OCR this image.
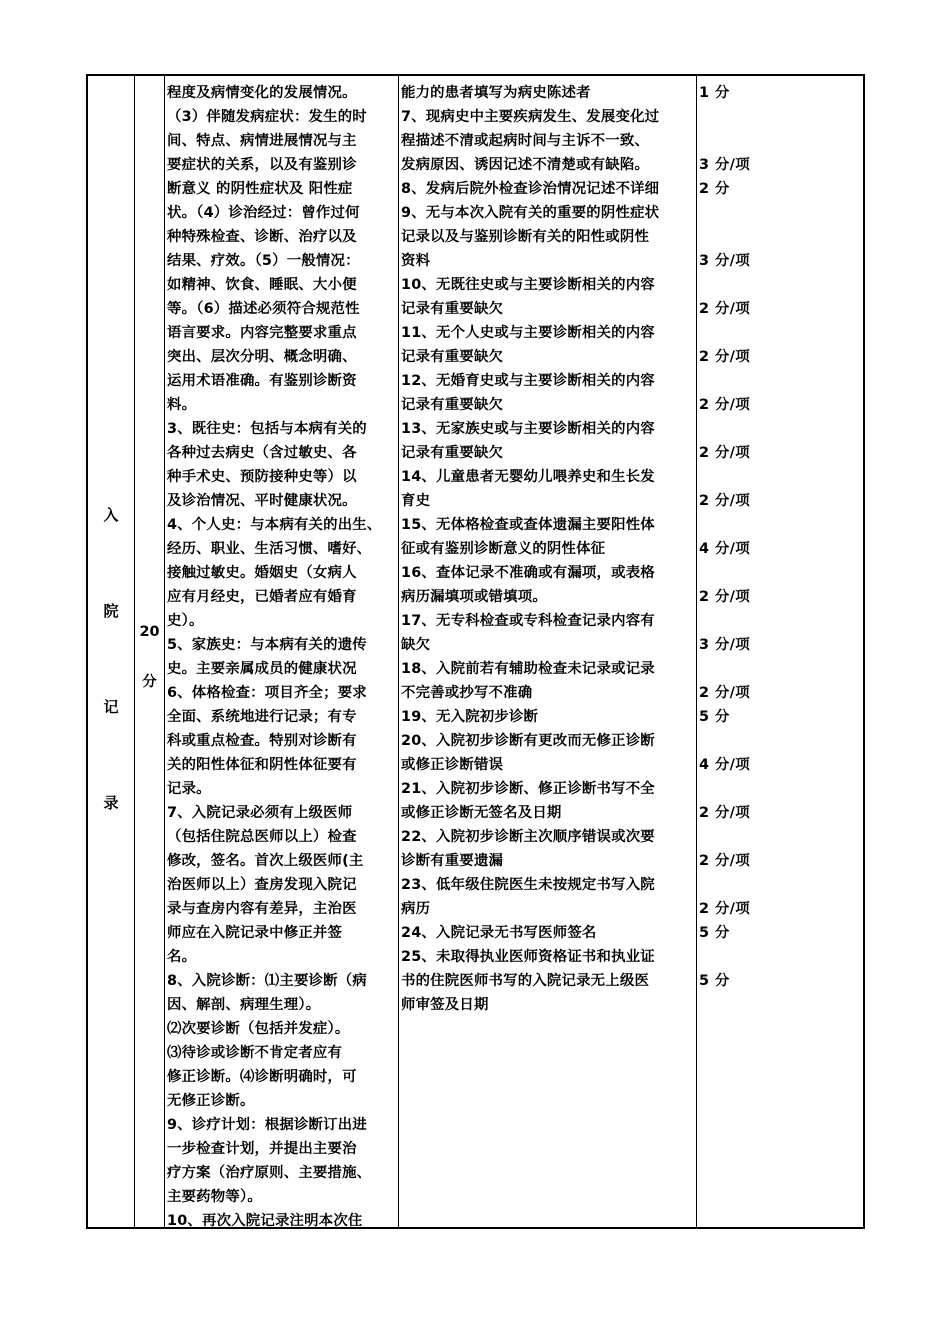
入
院
记
录
20
分
程度及病情变化的发展情况。
（3）伴随发病症状：发生的时
间、特点、病情进展情况与主
要症状的关系，以及有鉴别诊
断意义 的阴性症状及 阳性症
状。（4）诊治经过：曾作过何
种特殊检查、诊断、治疗以及
结果、疗效。（5）一般情况：
如精神、饮食、睡眠、大小便
等。（6）描述必须符合规范性
语言要求。内容完整要求重点
突出、层次分明、概念明确、
运用术语准确。有鉴别诊断资
料。
3、既往史：包括与本病有关的
各种过去病史（含过敏史、各
种手术史、预防接种史等）以
及诊治情况、平时健康状况。
4、个人史：与本病有关的出生、
经历、职业、生活习惯、嗜好、
接触过敏史。婚姻史（女病人
应有月经史，已婚者应有婚育
史）。
5、家族史：与本病有关的遗传
史。主要亲属成员的健康状况
6、体格检查：项目齐全；要求
全面、系统地进行记录；有专
科或重点检查。特别对诊断有
关的阳性体征和阴性体征要有
记录。
7、入院记录必须有上级医师
（包括住院总医师以上）检查
修改，签名。首次上级医师(主
治医师以上）查房发现入院记
录与查房内容有差异，主治医
师应在入院记录中修正并签
名。
8、入院诊断：⑴主要诊断（病
因、解剖、病理生理）。
⑵次要诊断（包括并发症）。
⑶待诊或诊断不肯定者应有
修正诊断。⑷诊断明确时，可
无修正诊断。
9、诊疗计划：根据诊断订出进
一步检查计划，并提出主要治
疗方案（治疗原则、主要措施、
主要药物等）。
10、再次入院记录注明本次住
能力的患者填写为病史陈述者
7、现病史中主要疾病发生、发展变化过
程描述不清或起病时间与主诉不一致、
发病原因、诱因记述不清楚或有缺陷。
8、发病后院外检查诊治情况记述不详细
9、无与本次入院有关的重要的阴性症状
记录以及与鉴别诊断有关的阳性或阴性
资料
10、无既往史或与主要诊断相关的内容
记录有重要缺欠
11、无个人史或与主要诊断相关的内容
记录有重要缺欠
12、无婚育史或与主要诊断相关的内容
记录有重要缺欠
13、无家族史或与主要诊断相关的内容
记录有重要缺欠
14、儿童患者无婴幼儿喂养史和生长发
育史
15、无体格检查或查体遗漏主要阳性体
征或有鉴别诊断意义的阴性体征
16、查体记录不准确或有漏项，或表格
病历漏填项或错填项。
17、无专科检查或专科检查记录内容有
缺欠
18、入院前若有辅助检查未记录或记录
不完善或抄写不准确
19、无入院初步诊断
20、入院初步诊断有更改而无修正诊断
或修正诊断错误
21、入院初步诊断、修正诊断书写不全
或修正诊断无签名及日期
22、入院初步诊断主次顺序错误或次要
诊断有重要遗漏
23、低年级住院医生未按规定书写入院
病历
24、入院记录无书写医师签名
25、未取得执业医师资格证书和执业证
书的住院医师书写的入院记录无上级医
师审签及日期
1 分
3 分/项
2 分
3 分/项
2 分/项
2 分/项
2 分/项
2 分/项
2 分/项
4 分/项
2 分/项
3 分/项
2 分/项
5 分
4 分/项
2 分/项
2 分/项
2 分/项
5 分
5 分
